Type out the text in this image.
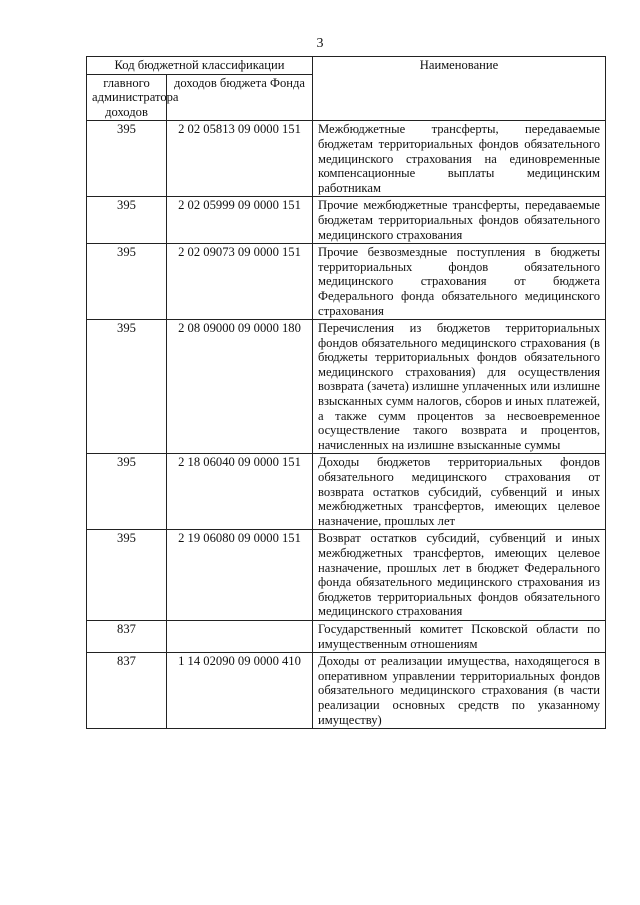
3
Код бюджетной классификации		Наименование
главного администратора доходов	доходов бюджета Фонда	
395	2 02 05813 09 0000 151	Межбюджетные трансферты, передаваемые бюджетам территориальных фондов обязательного медицинского страхования на единовременные компенсационные выплаты медицинским работникам
395	2 02 05999 09 0000 151	Прочие межбюджетные трансферты, передаваемые бюджетам территориальных фондов обязательного медицинского страхования
395	2 02 09073 09 0000 151	Прочие безвозмездные поступления в бюджеты территориальных фондов обязательного медицинского страхования от бюджета Федерального фонда обязательного медицинского страхования
395	2 08 09000 09 0000 180	Перечисления из бюджетов территориальных фондов обязательного медицинского страхования (в бюджеты территориальных фондов обязательного медицинского страхования) для осуществления возврата (зачета) излишне уплаченных или излишне взысканных сумм налогов, сборов и иных платежей, а также сумм процентов за несвоевременное осуществление такого возврата и процентов, начисленных на излишне взысканные суммы
395	2 18 06040 09 0000 151	Доходы бюджетов территориальных фондов обязательного медицинского страхования от возврата остатков субсидий, субвенций и иных межбюджетных трансфертов, имеющих целевое назначение, прошлых лет
395	2 19 06080 09 0000 151	Возврат остатков субсидий, субвенций и иных межбюджетных трансфертов, имеющих целевое назначение, прошлых лет в бюджет Федерального фонда обязательного медицинского страхования из бюджетов территориальных фондов обязательного медицинского страхования
837		Государственный комитет Псковской области по имущественным отношениям
837	1 14 02090 09 0000 410	Доходы от реализации имущества, находящегося в оперативном управлении территориальных фондов обязательного медицинского страхования (в части реализации основных средств по указанному имуществу)
